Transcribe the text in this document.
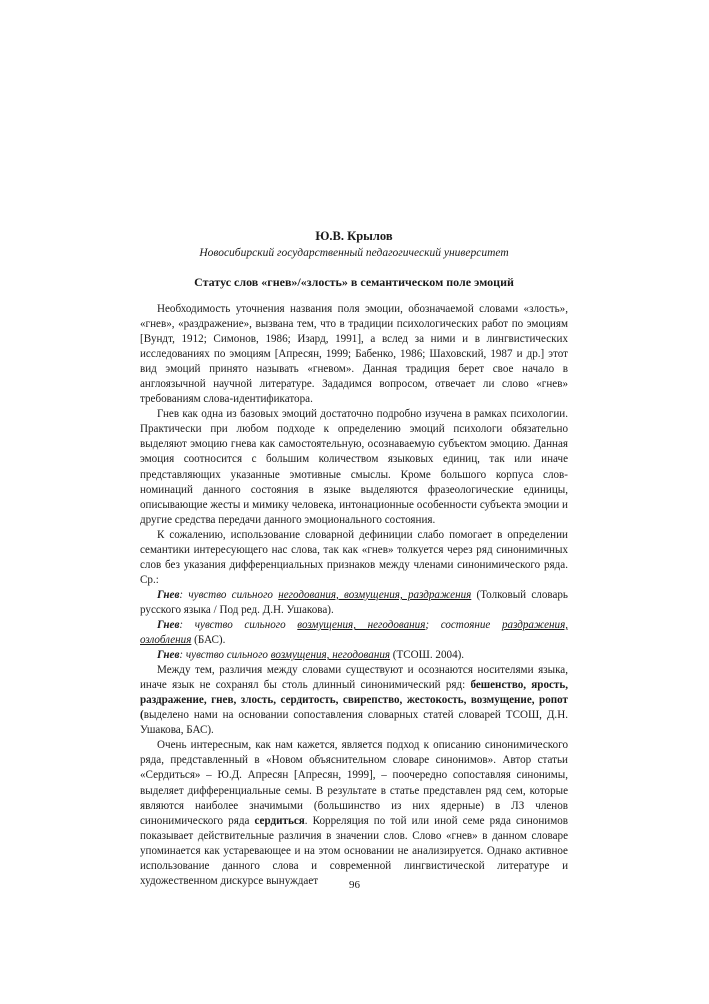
Ю.В. Крылов

Новосибирский государственный педагогический университет

Статус слов «гнев»/«злость» в семантическом поле эмоций

Необходимость уточнения названия поля эмоции, обозначаемой словами «злость», «гнев», «раздражение», вызвана тем, что в традиции психологических работ по эмоциям [Вундт, 1912; Симонов, 1986; Изард, 1991], а вслед за ними и в лингвистических исследованиях по эмоциям [Апресян, 1999; Бабенко, 1986; Шаховский, 1987 и др.] этот вид эмоций принято называть «гневом». Данная традиция берет свое начало в англоязычной научной литературе. Зададимся вопросом, отвечает ли слово «гнев» требованиям слова-идентификатора.

Гнев как одна из базовых эмоций достаточно подробно изучена в рамках психологии. Практически при любом подходе к определению эмоций психологи обязательно выделяют эмоцию гнева как самостоятельную, осознаваемую субъектом эмоцию. Данная эмоция соотносится с большим количеством языковых единиц, так или иначе представляющих указанные эмотивные смыслы. Кроме большого корпуса слов-номинаций данного состояния в языке выделяются фразеологические единицы, описывающие жесты и мимику человека, интонационные особенности субъекта эмоции и другие средства передачи данного эмоционального состояния.

К сожалению, использование словарной дефиниции слабо помогает в определении семантики интересующего нас слова, так как «гнев» толкуется через ряд синонимичных слов без указания дифференциальных признаков между членами синонимического ряда. Ср.:

Гнев: чувство сильного негодования, возмущения, раздражения (Толковый словарь русского языка / Под ред. Д.Н. Ушакова).

Гнев: чувство сильного возмущения, негодования; состояние раздражения, озлобления (БАС).

Гнев: чувство сильного возмущения, негодования (ТСОШ. 2004).

Между тем, различия между словами существуют и осознаются носителями языка, иначе язык не сохранял бы столь длинный синонимический ряд: бешенство, ярость, раздражение, гнев, злость, сердитость, свирепство, жестокость, возмущение, ропот (выделено нами на основании сопоставления словарных статей словарей ТСОШ, Д.Н. Ушакова, БАС).

Очень интересным, как нам кажется, является подход к описанию синонимического ряда, представленный в «Новом объяснительном словаре синонимов». Автор статьи «Сердиться» – Ю.Д. Апресян [Апресян, 1999], – поочередно сопоставляя синонимы, выделяет дифференциальные семы. В результате в статье представлен ряд сем, которые являются наиболее значимыми (большинство из них ядерные) в ЛЗ членов синонимического ряда сердиться. Корреляция по той или иной семе ряда синонимов показывает действительные различия в значении слов. Слово «гнев» в данном словаре упоминается как устаревающее и на этом основании не анализируется. Однако активное использование данного слова и современной лингвистической литературе и художественном дискурсе вынуждает	96
